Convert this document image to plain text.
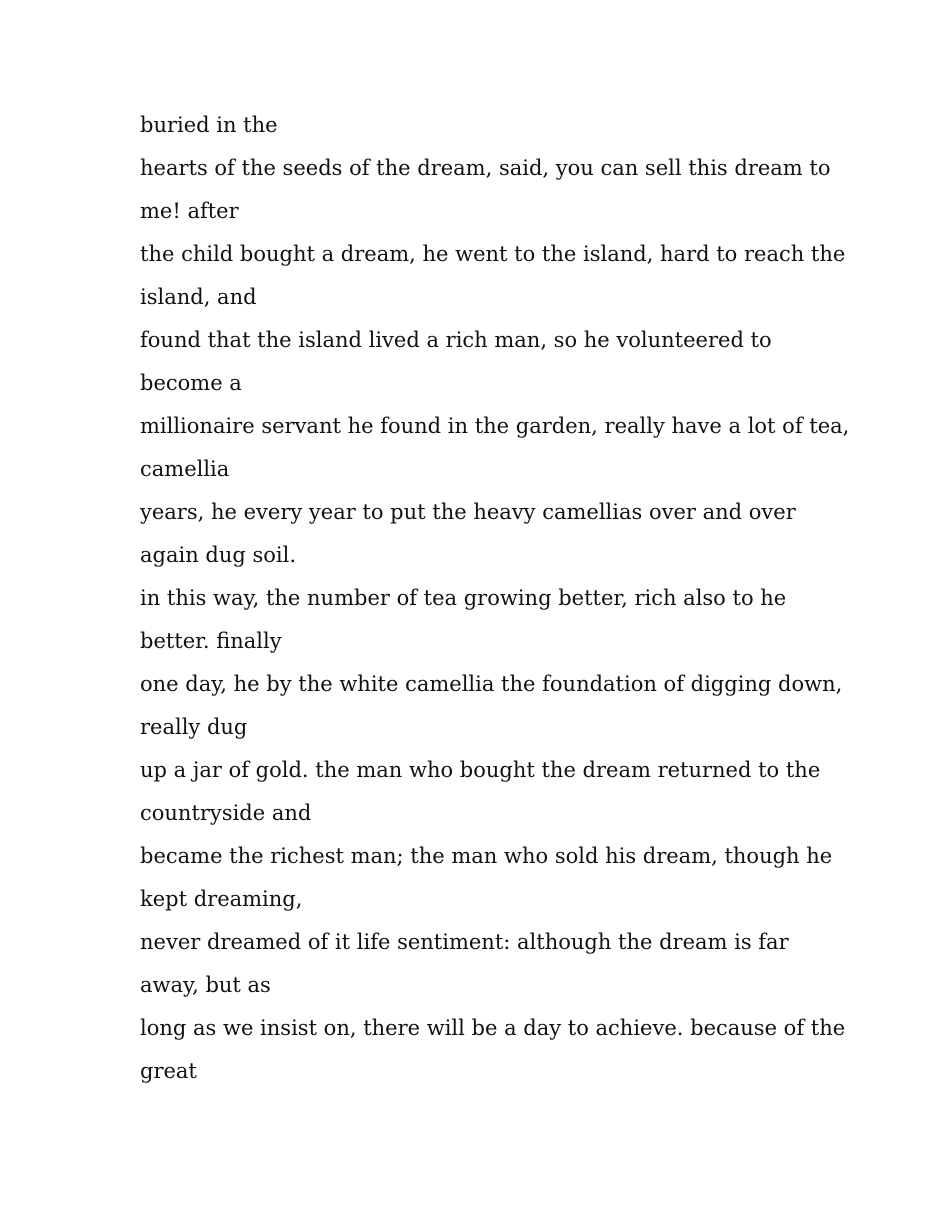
buried in the
hearts of the seeds of the dream, said, you can sell this dream to
me! after
the child bought a dream, he went to the island, hard to reach the
island, and
found that the island lived a rich man, so he volunteered to
become a
millionaire servant he found in the garden, really have a lot of tea,
camellia
years, he every year to put the heavy camellias over and over
again dug soil.
in this way, the number of tea growing better, rich also to he
better. finally
one day, he by the white camellia the foundation of digging down,
really dug
up a jar of gold. the man who bought the dream returned to the
countryside and
became the richest man; the man who sold his dream, though he
kept dreaming,
never dreamed of it life sentiment: although the dream is far
away, but as
long as we insist on, there will be a day to achieve. because of the
great
